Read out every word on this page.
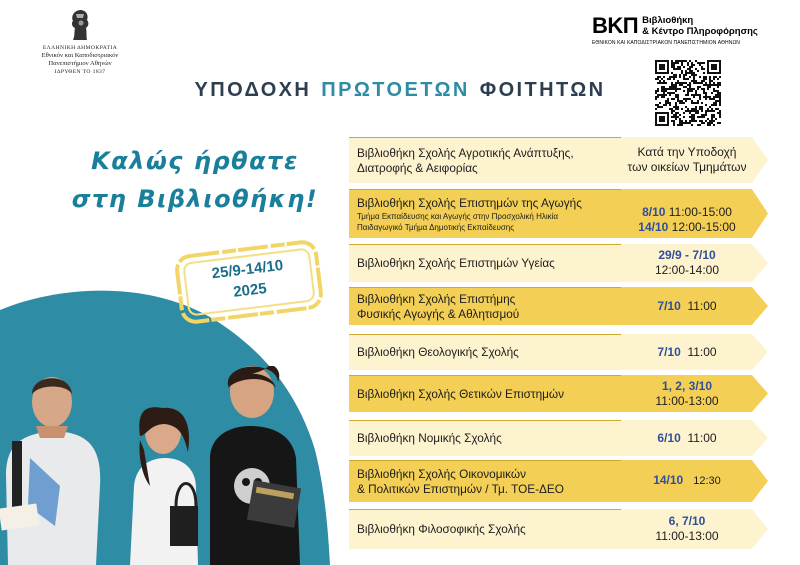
ΕΛΛΗΝΙΚΗ ΔΗΜΟΚΡΑΤΙΑ
Εθνικόν και Καποδιστριακόν
Πανεπιστήμιον Αθηνών
ΙΔΡΥΘΕΝ ΤΟ 1837
ΒΚΠ Βιβλιοθήκη
& Κέντρο Πληροφόρησης
ΕΘΝΙΚΟΝ ΚΑΙ ΚΑΠΟΔΙΣΤΡΙΑΚΟΝ ΠΑΝΕΠΙΣΤΗΜΙΟΝ ΑΘΗΝΩΝ
ΥΠΟΔΟΧΗ ΠΡΩΤΟΕΤΩΝ ΦΟΙΤΗΤΩΝ
Καλώς ήρθατε
στη Βιβλιοθήκη!
25/9-14/10
2025
Βιβλιοθήκη Σχολής Αγροτικής Ανάπτυξης,
Διατροφής & Αειφορίας
Κατά την Υποδοχή
των οικείων Τμημάτων
Βιβλιοθήκη Σχολής Επιστημών της Αγωγής
Τμήμα Εκπαίδευσης και Αγωγής στην Προσχολική Ηλικία
Παιδαγωγικό Τμήμα Δημοτικής Εκπαίδευσης
8/10 11:00-15:00
14/10 12:00-15:00
Βιβλιοθήκη Σχολής Επιστημών Υγείας
29/9 - 7/10
12:00-14:00
Βιβλιοθήκη Σχολής Επιστήμης
Φυσικής Αγωγής & Αθλητισμού
7/10 11:00
Βιβλιοθήκη Θεολογικής Σχολής	7/10 11:00
Βιβλιοθήκη Σχολής Θετικών Επιστημών
1, 2, 3/10
11:00-13:00
Βιβλιοθήκη Νομικής Σχολής	6/10 11:00
Βιβλιοθήκη Σχολής Οικονομικών
& Πολιτικών Επιστημών / Τμ. ΤΟΕ-ΔΕΟ
14/10 12:30
Βιβλιοθήκη Φιλοσοφικής Σχολής
6, 7/10
11:00-13:00
